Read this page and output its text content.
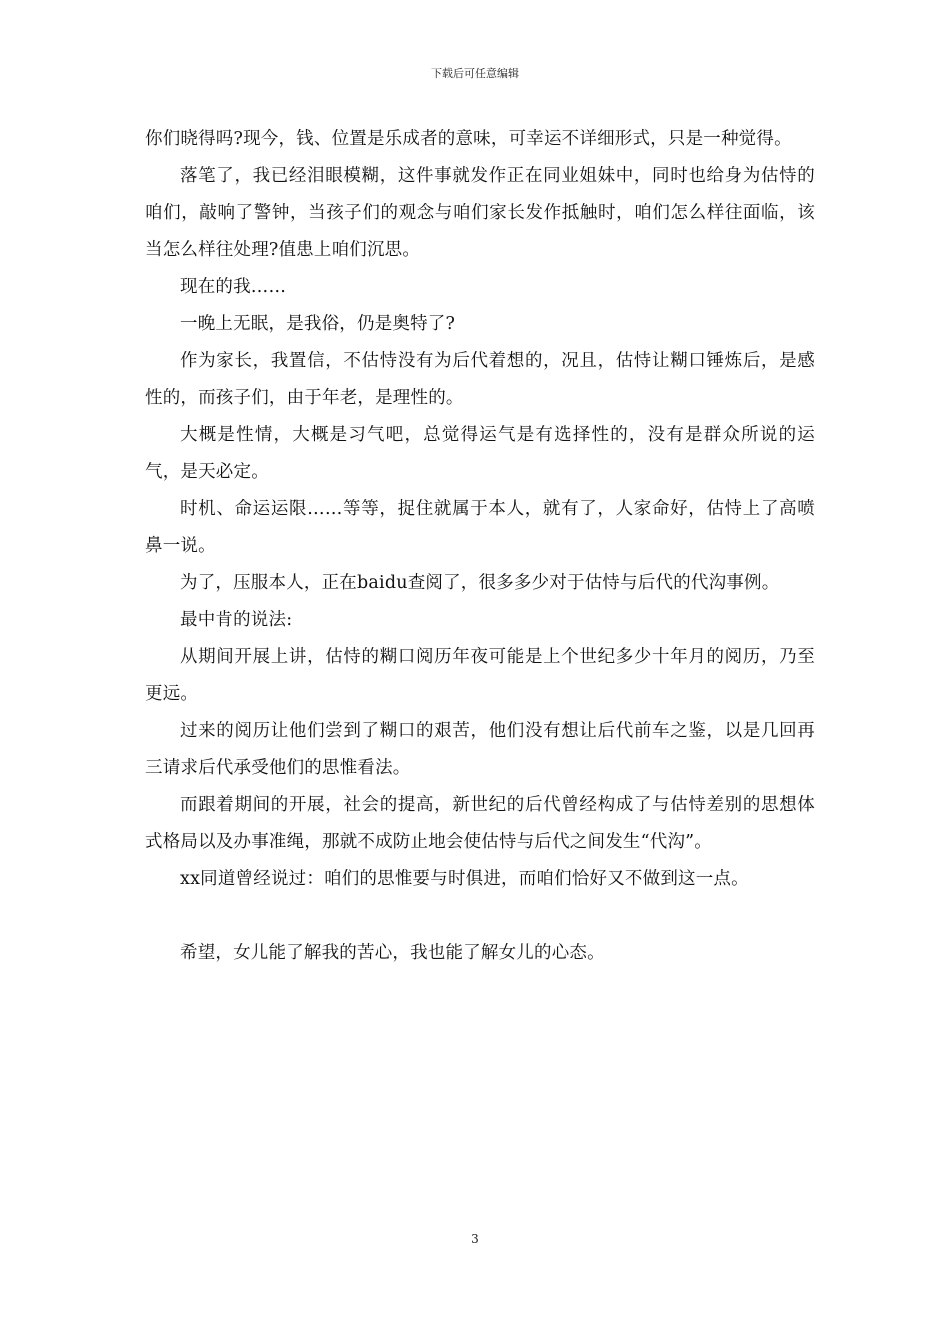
下载后可任意编辑

你们晓得吗?现今，钱、位置是乐成者的意味，可幸运不详细形式，只是一种觉得。

落笔了，我已经泪眼模糊，这件事就发作正在同业姐妹中，同时也给身为估恃的咱们，敲响了警钟，当孩子们的观念与咱们家长发作抵触时，咱们怎么样往面临，该当怎么样往处理?值患上咱们沉思。

现在的我……

一晚上无眠，是我俗，仍是奥特了?

作为家长，我置信，不估恃没有为后代着想的，况且，估恃让糊口锤炼后，是感性的，而孩子们，由于年老，是理性的。

大概是性情，大概是习气吧，总觉得运气是有选择性的，没有是群众所说的运气，是天必定。

时机、命运运限……等等，捉住就属于本人，就有了，人家命好，估恃上了高喷鼻一说。

为了，压服本人，正在baidu查阅了，很多多少对于估恃与后代的代沟事例。

最中肯的说法:

从期间开展上讲，估恃的糊口阅历年夜可能是上个世纪多少十年月的阅历，乃至更远。

过来的阅历让他们尝到了糊口的艰苦，他们没有想让后代前车之鉴，以是几回再三请求后代承受他们的思惟看法。

而跟着期间的开展，社会的提高，新世纪的后代曾经构成了与估恃差别的思想体式格局以及办事准绳，那就不成防止地会使估恃与后代之间发生“代沟”。

xx同道曾经说过：咱们的思惟要与时俱进，而咱们恰好又不做到这一点。

希望，女儿能了解我的苦心，我也能了解女儿的心态。

3
